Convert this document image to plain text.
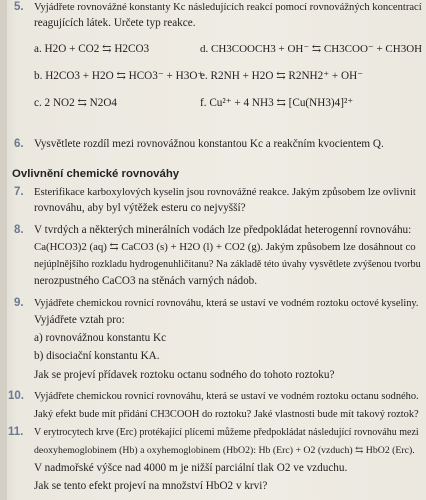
5. Vyjádřete rovnovážné konstanty Kc následujících reakcí pomocí rovnovážných koncentrací
reagujících látek. Určete typ reakce.
a. H2O + CO2 ⇆ H2CO3	d. CH3COOCH3 + OH⁻ ⇆ CH3COO⁻ + CH3OH
b. H2CO3 + H2O ⇆ HCO3⁻ + H3O⁺
e. R2NH + H2O ⇆ R2NH2⁺ + OH⁻
c. 2 NO2 ⇆ N2O4	f. Cu²⁺ + 4 NH3 ⇆ [Cu(NH3)4]²⁺
6. Vysvětlete rozdíl mezi rovnovážnou konstantou Kc a reakčním kvocientem Q.
Ovlivnění chemické rovnováhy
7. Esterifikace karboxylových kyselin jsou rovnovážné reakce. Jakým způsobem lze ovlivnit
rovnováhu, aby byl výtěžek esteru co nejvyšší?
8. V tvrdých a některých minerálních vodách lze předpokládat heterogenní rovnováhu:
Ca(HCO3)2 (aq) ⇆ CaCO3 (s) + H2O (l) + CO2 (g). Jakým způsobem lze dosáhnout co
nejúplnějšího rozkladu hydrogenuhličitanu? Na základě této úvahy vysvětlete zvýšenou tvorbu
nerozpustného CaCO3 na stěnách varných nádob.
9. Vyjádřete chemickou rovnicí rovnováhu, která se ustaví ve vodném roztoku octové kyseliny.
Vyjádřete vztah pro:
a) rovnovážnou konstantu Kc
b) disociační konstantu KA.
Jak se projeví přídavek roztoku octanu sodného do tohoto roztoku?
10. Vyjádřete chemickou rovnicí rovnováhu, která se ustaví ve vodném roztoku octanu sodného.
Jaký efekt bude mít přidání CH3COOH do roztoku? Jaké vlastnosti bude mít takový roztok?
11. V erytrocytech krve (Erc) protékající plícemi můžeme předpokládat následující rovnováhu mezi
deoxyhemoglobinem (Hb) a oxyhemoglobinem (HbO2): Hb (Erc) + O2 (vzduch) ⇆ HbO2 (Erc).
V nadmořské výšce nad 4000 m je nižší parciální tlak O2 ve vzduchu.
Jak se tento efekt projeví na množství HbO2 v krvi?
